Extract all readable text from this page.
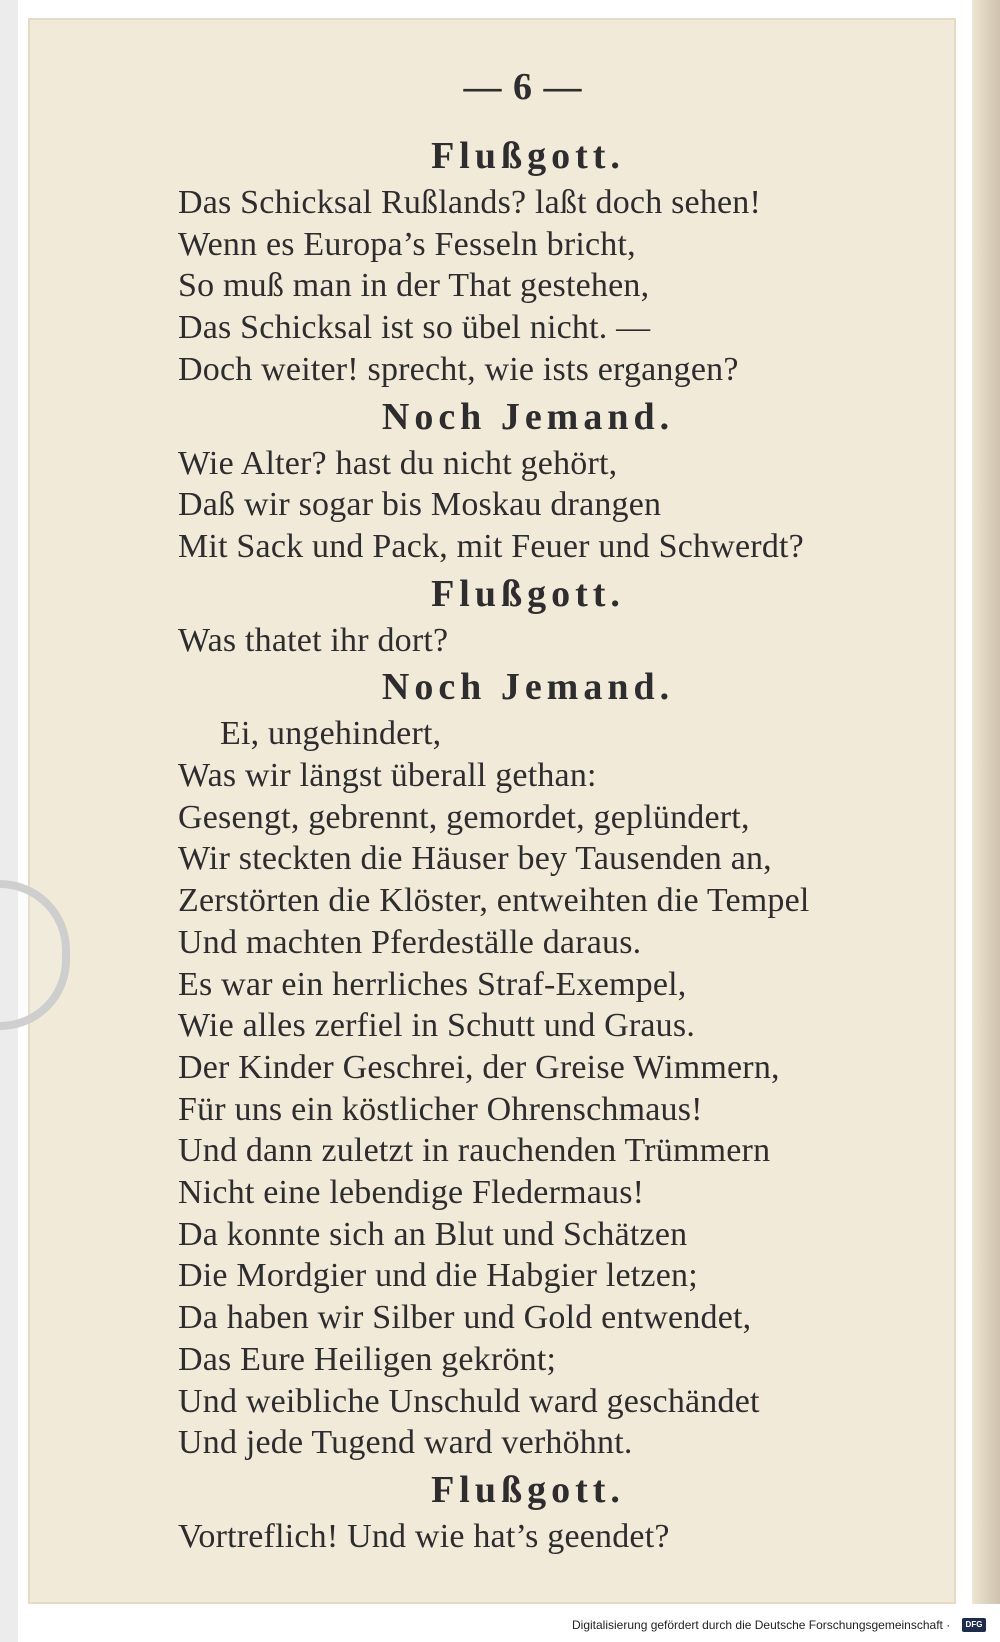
— 6 —
Flußgott.

Das Schicksal Rußlands? laßt doch sehen!

Wenn es Europa’s Fesseln bricht,

So muß man in der That gestehen,

Das Schicksal ist so übel nicht. —

Doch weiter! sprecht, wie ists ergangen?

Noch Jemand.

Wie Alter? hast du nicht gehört,

Daß wir sogar bis Moskau drangen

Mit Sack und Pack, mit Feuer und Schwerdt?

Flußgott.

Was thatet ihr dort?

Noch Jemand.

Ei, ungehindert,

Was wir längst überall gethan:

Gesengt, gebrennt, gemordet, geplündert,

Wir steckten die Häuser bey Tausenden an,

Zerstörten die Klöster, entweihten die Tempel

Und machten Pferdeställe daraus.

Es war ein herrliches Straf-Exempel,

Wie alles zerfiel in Schutt und Graus.

Der Kinder Geschrei, der Greise Wimmern,

Für uns ein köstlicher Ohrenschmaus!

Und dann zuletzt in rauchenden Trümmern

Nicht eine lebendige Fledermaus!

Da konnte sich an Blut und Schätzen

Die Mordgier und die Habgier letzen;

Da haben wir Silber und Gold entwendet,

Das Eure Heiligen gekrönt;

Und weibliche Unschuld ward geschändet

Und jede Tugend ward verhöhnt.

Flußgott.

Vortreflich! Und wie hat’s geendet?

Digitalisierung gefördert durch die Deutsche Forschungsgemeinschaft ·	DFG
